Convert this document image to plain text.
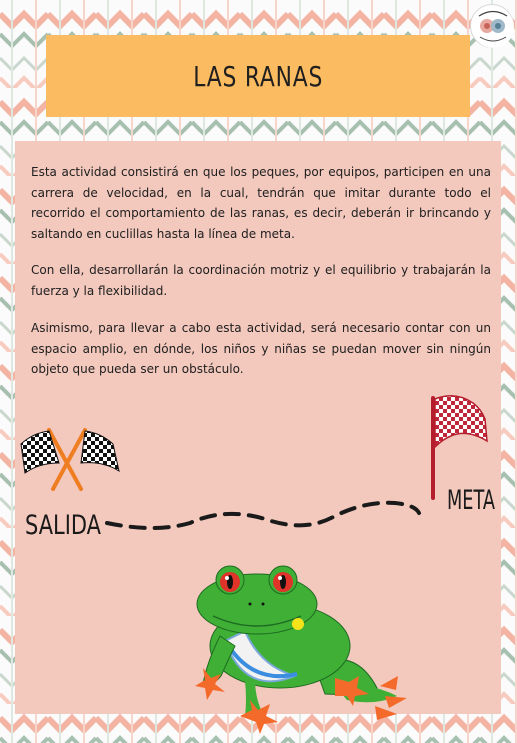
LAS RANAS

Esta actividad consistirá en que los peques, por equipos, participen en una carrera de velocidad, en la cual, tendrán que imitar durante todo el recorrido el comportamiento de las ranas, es decir, deberán ir brincando y saltando en cuclillas hasta la línea de meta.

Con ella, desarrollarán la coordinación motriz y el equilibrio y trabajarán la fuerza y la flexibilidad.

Asimismo, para llevar a cabo esta actividad, será necesario contar con un espacio amplio, en dónde, los niños y niñas se puedan mover sin ningún objeto que pueda ser un obstáculo.

SALIDA
META
